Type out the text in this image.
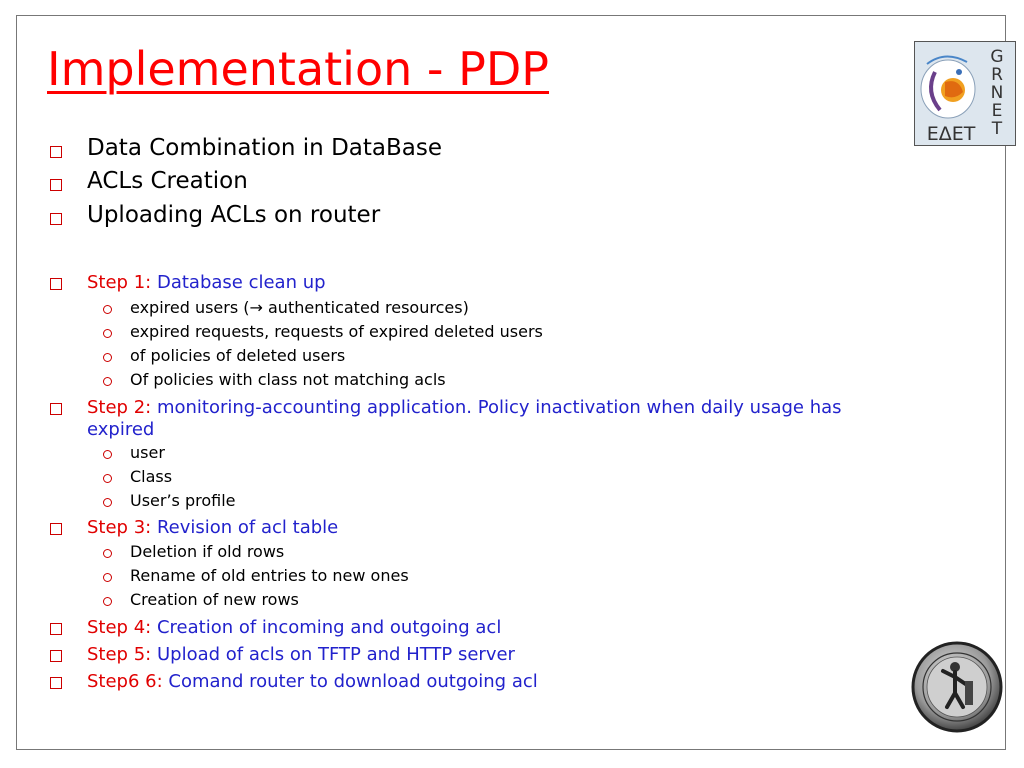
Implementation - PDP	G
R
N
E
T
ΕΔΕΤ
Data Combination in DataBase
ACLs Creation
Uploading ACLs on router
Step 1: Database clean up
expired users (→ authenticated resources)
expired requests, requests of expired deleted users
of policies of deleted users
Of policies with class not matching acls
Step 2: monitoring-accounting application. Policy inactivation when daily usage has
expired
user
Class
User’s profile
Step 3: Revision of acl table
Deletion if old rows
Rename of old entries to new ones
Creation of new rows
Step 4: Creation of incoming and outgoing acl
Step 5: Upload of acls on TFTP and HTTP server
Step6 6: Comand router to download outgoing acl
